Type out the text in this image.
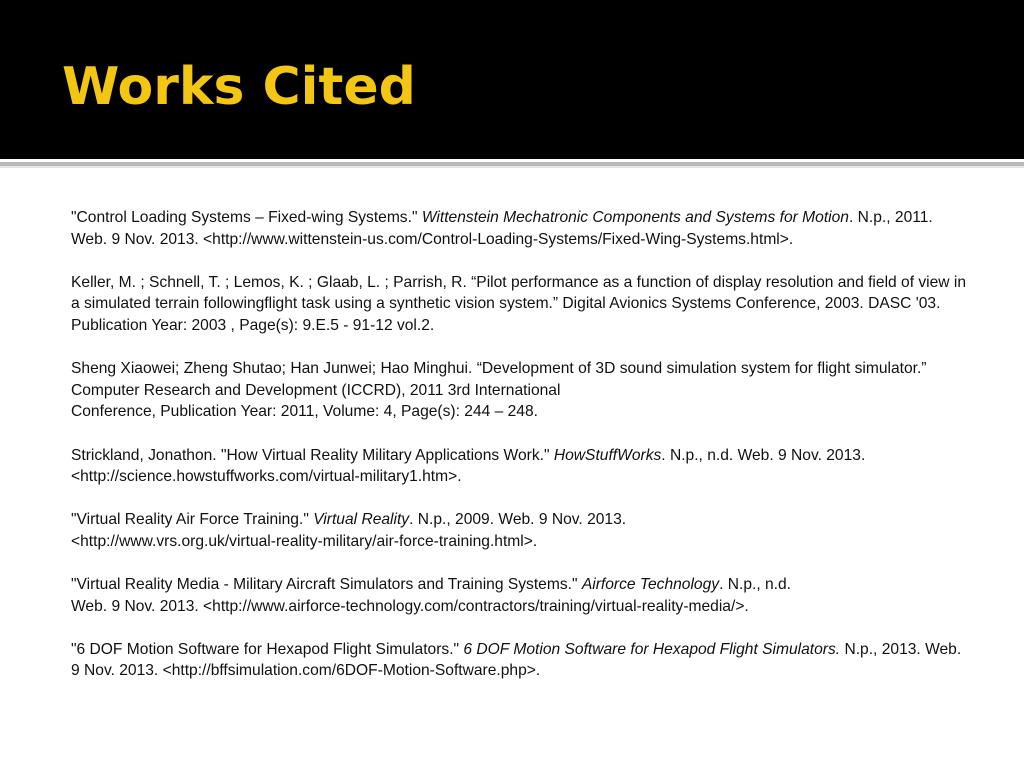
Works Cited

"Control Loading Systems – Fixed-wing Systems." Wittenstein Mechatronic Components and Systems for Motion. N.p., 2011. Web. 9 Nov. 2013. <http://www.wittenstein-us.com/Control-Loading-Systems/Fixed-Wing-Systems.html>.

Keller, M. ; Schnell, T. ; Lemos, K. ; Glaab, L. ; Parrish, R. “Pilot performance as a function of display resolution and field of view in a simulated terrain followingflight task using a synthetic vision system.” Digital Avionics Systems Conference, 2003. DASC '03. Publication Year: 2003 , Page(s): 9.E.5 - 91-12 vol.2.

Sheng Xiaowei; Zheng Shutao; Han Junwei; Hao Minghui. “Development of 3D sound simulation system for flight simulator.” Computer Research and Development (ICCRD), 2011 3rd International
Conference, Publication Year: 2011, Volume: 4, Page(s): 244 – 248.

Strickland, Jonathon. "How Virtual Reality Military Applications Work." HowStuffWorks. N.p., n.d. Web. 9 Nov. 2013. <http://science.howstuffworks.com/virtual-military1.htm>.

"Virtual Reality Air Force Training." Virtual Reality. N.p., 2009. Web. 9 Nov. 2013.
<http://www.vrs.org.uk/virtual-reality-military/air-force-training.html>.

"Virtual Reality Media - Military Aircraft Simulators and Training Systems." Airforce Technology. N.p., n.d.
Web. 9 Nov. 2013. <http://www.airforce-technology.com/contractors/training/virtual-reality-media/>.

"6 DOF Motion Software for Hexapod Flight Simulators." 6 DOF Motion Software for Hexapod Flight Simulators. N.p., 2013. Web. 9 Nov. 2013. <http://bffsimulation.com/6DOF-Motion-Software.php>.
